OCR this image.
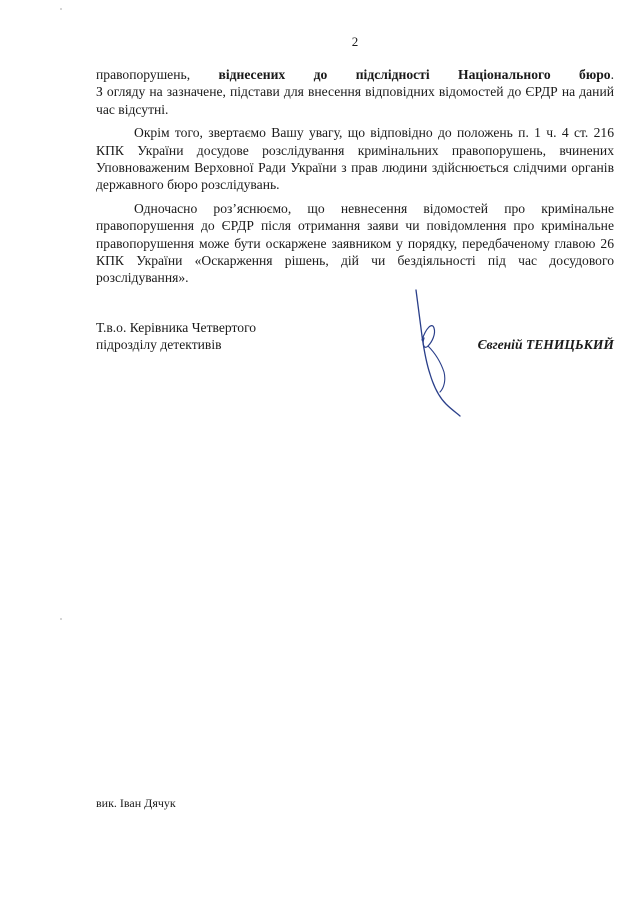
2

правопорушень, віднесених до підслідності Національного бюро.
З огляду на зазначене, підстави для внесення відповідних відомостей до ЄРДР на даний час відсутні.

Окрім того, звертаємо Вашу увагу, що відповідно до положень п. 1 ч. 4 ст. 216 КПК України досудове розслідування кримінальних правопорушень, вчинених Уповноваженим Верховної Ради України з прав людини здійснюється слідчими органів державного бюро розслідувань.

Одночасно роз’яснюємо, що невнесення відомостей про кримінальне правопорушення до ЄРДР після отримання заяви чи повідомлення про кримінальне правопорушення може бути оскаржене заявником у порядку, передбаченому главою 26 КПК України «Оскарження рішень, дій чи бездіяльності під час досудового розслідування».

Т.в.о. Керівника Четвертого
підрозділу детективів	Євгеній ТЕНИЦЬКИЙ
вик. Іван Дячук
